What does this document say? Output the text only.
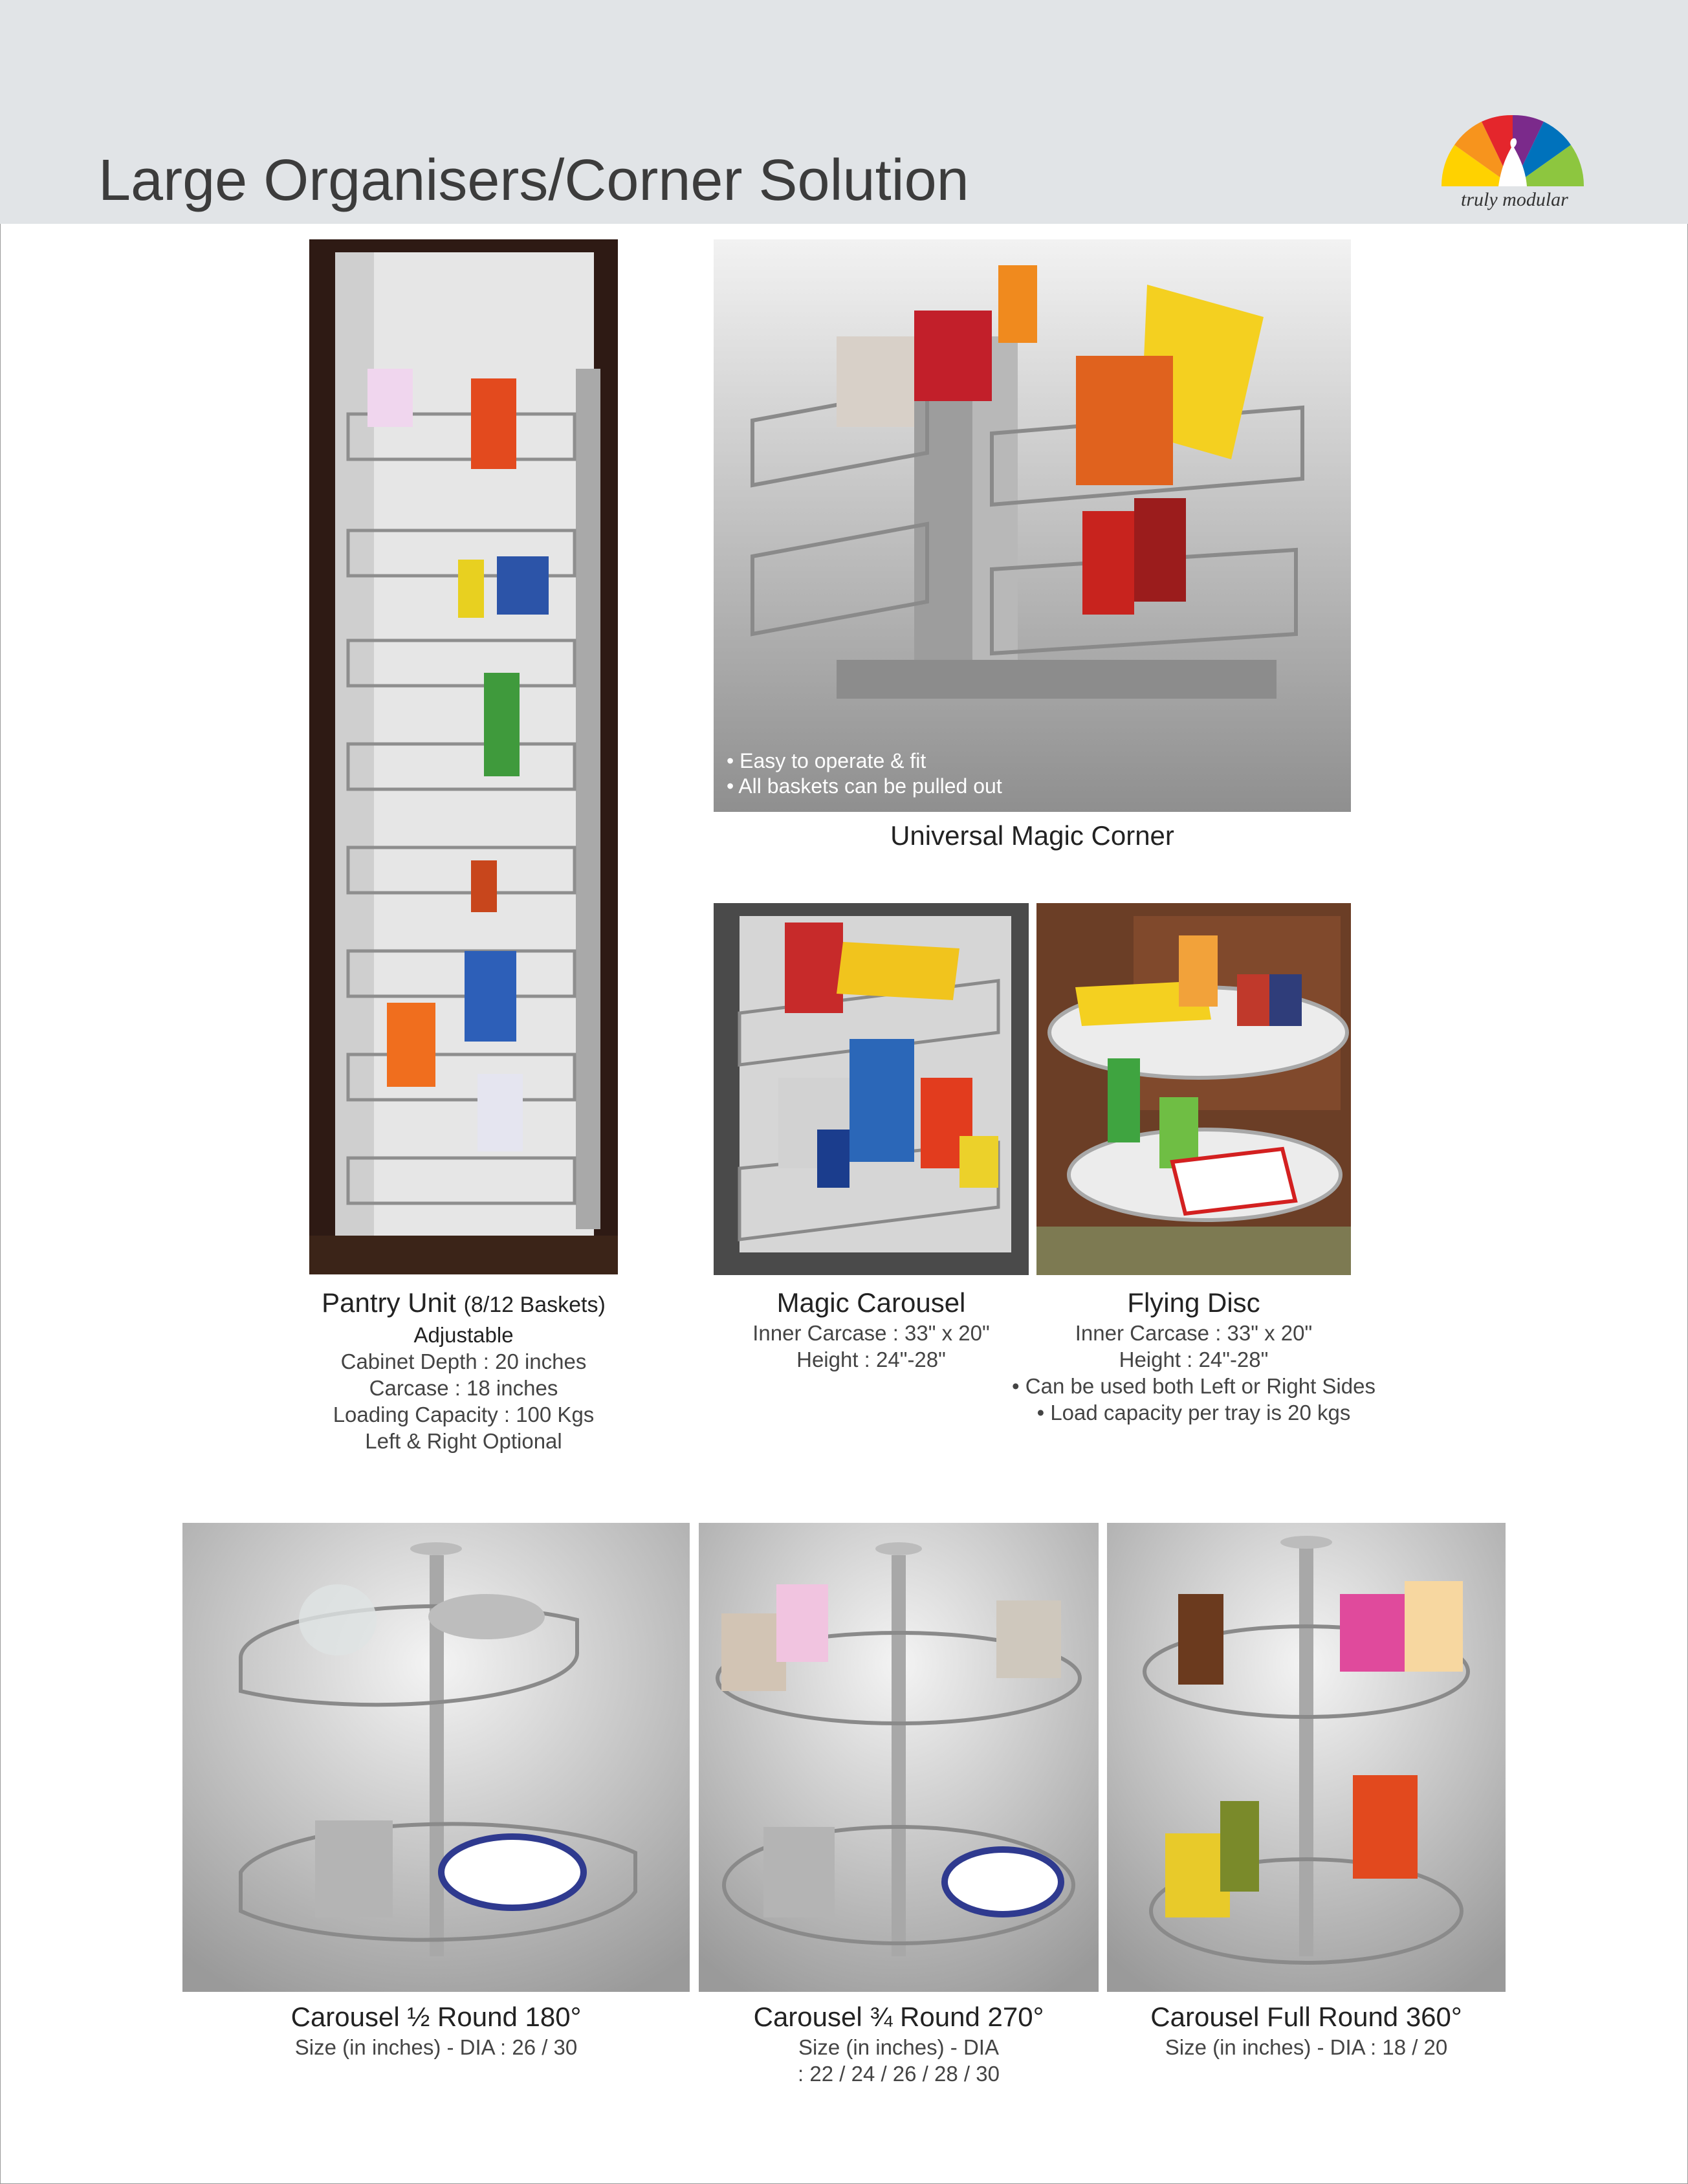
Large Organisers/Corner Solution	truly modular
Pantry Unit (8/12 Baskets)
Adjustable
Cabinet Depth : 20 inches
Carcase : 18 inches
Loading Capacity : 100 Kgs
Left & Right Optional
• Easy to operate & fit
• All baskets can be pulled out
Universal Magic Corner
Magic Carousel
Inner Carcase : 33" x 20"
Height : 24"-28"
Flying Disc
Inner Carcase : 33" x 20"
Height : 24"-28"
• Can be used both Left or Right Sides
• Load capacity per tray is 20 kgs
Carousel ½ Round 180°
Size (in inches) - DIA : 26 / 30
Carousel ¾ Round 270°
Size (in inches) - DIA
: 22 / 24 / 26 / 28 / 30
Carousel Full Round 360°
Size (in inches) - DIA : 18 / 20
